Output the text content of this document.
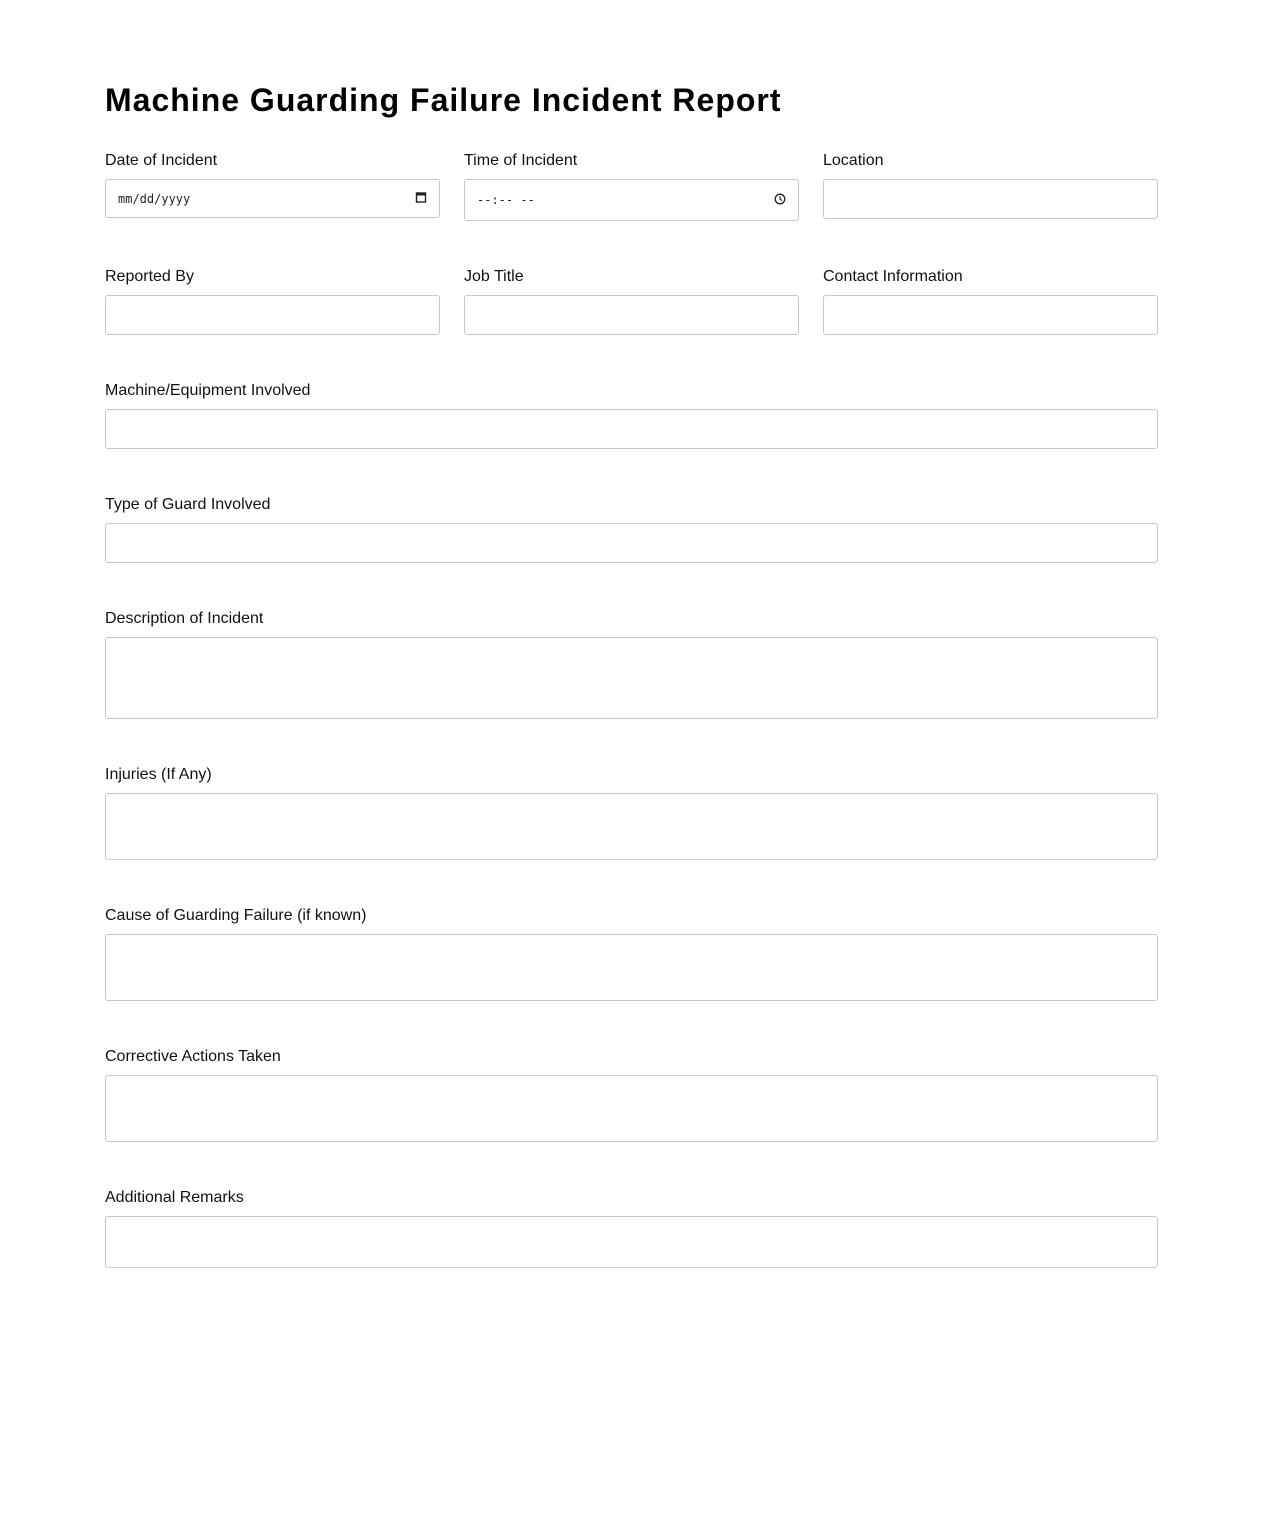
Machine Guarding Failure Incident Report
Date of Incident
mm/dd/yyyy
Time of Incident
--:-- --
Location
Reported By	Job Title	Contact Information
Machine/Equipment Involved
Type of Guard Involved
Description of Incident
Injuries (If Any)
Cause of Guarding Failure (if known)
Corrective Actions Taken
Additional Remarks
